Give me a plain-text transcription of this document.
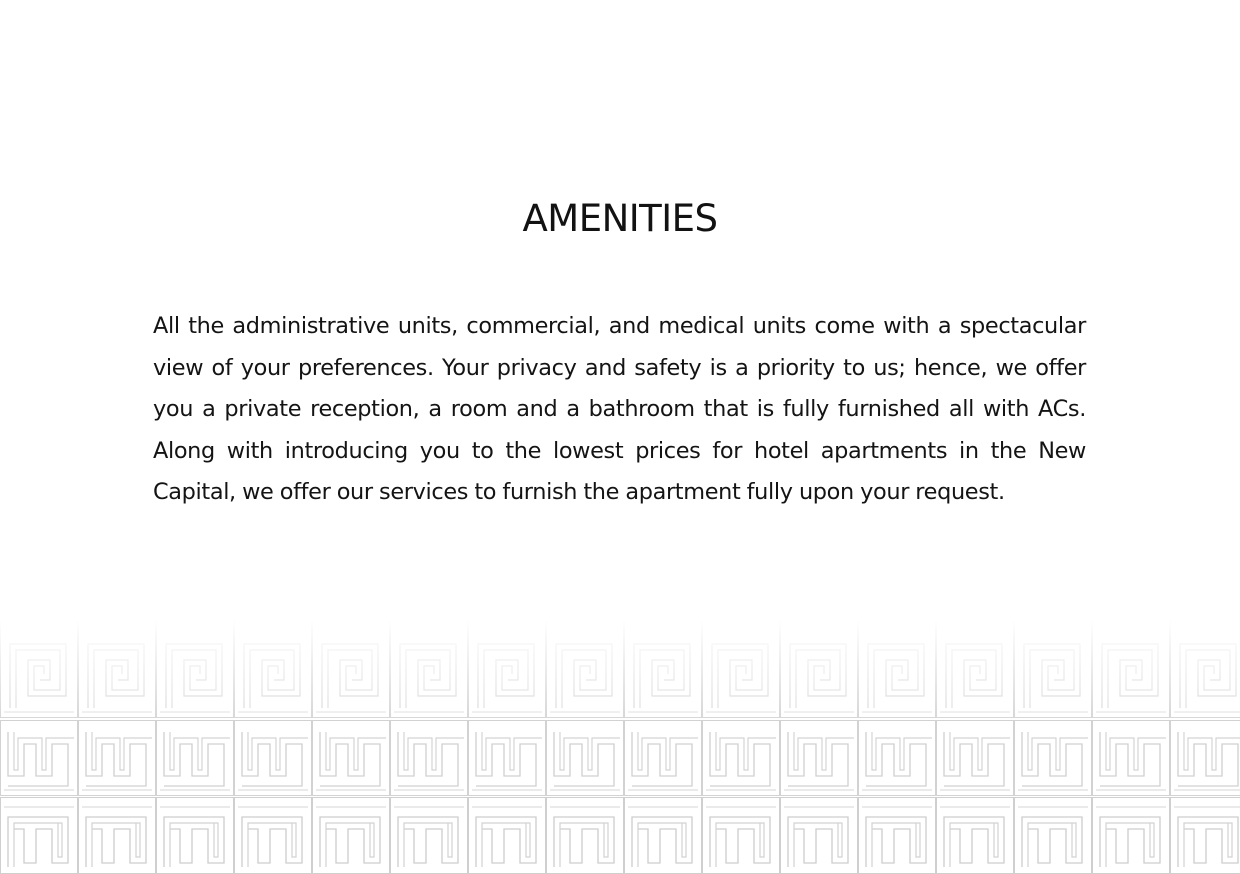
AMENITIES

All the administrative units, commercial, and medical units come with a spectacular view of your preferences. Your privacy and safety is a priority to us; hence, we offer you a private reception, a room and a bathroom that is fully furnished all with ACs. Along with introducing you to the lowest prices for hotel apartments in the New Capital, we offer our services to furnish the apartment fully upon your request.
